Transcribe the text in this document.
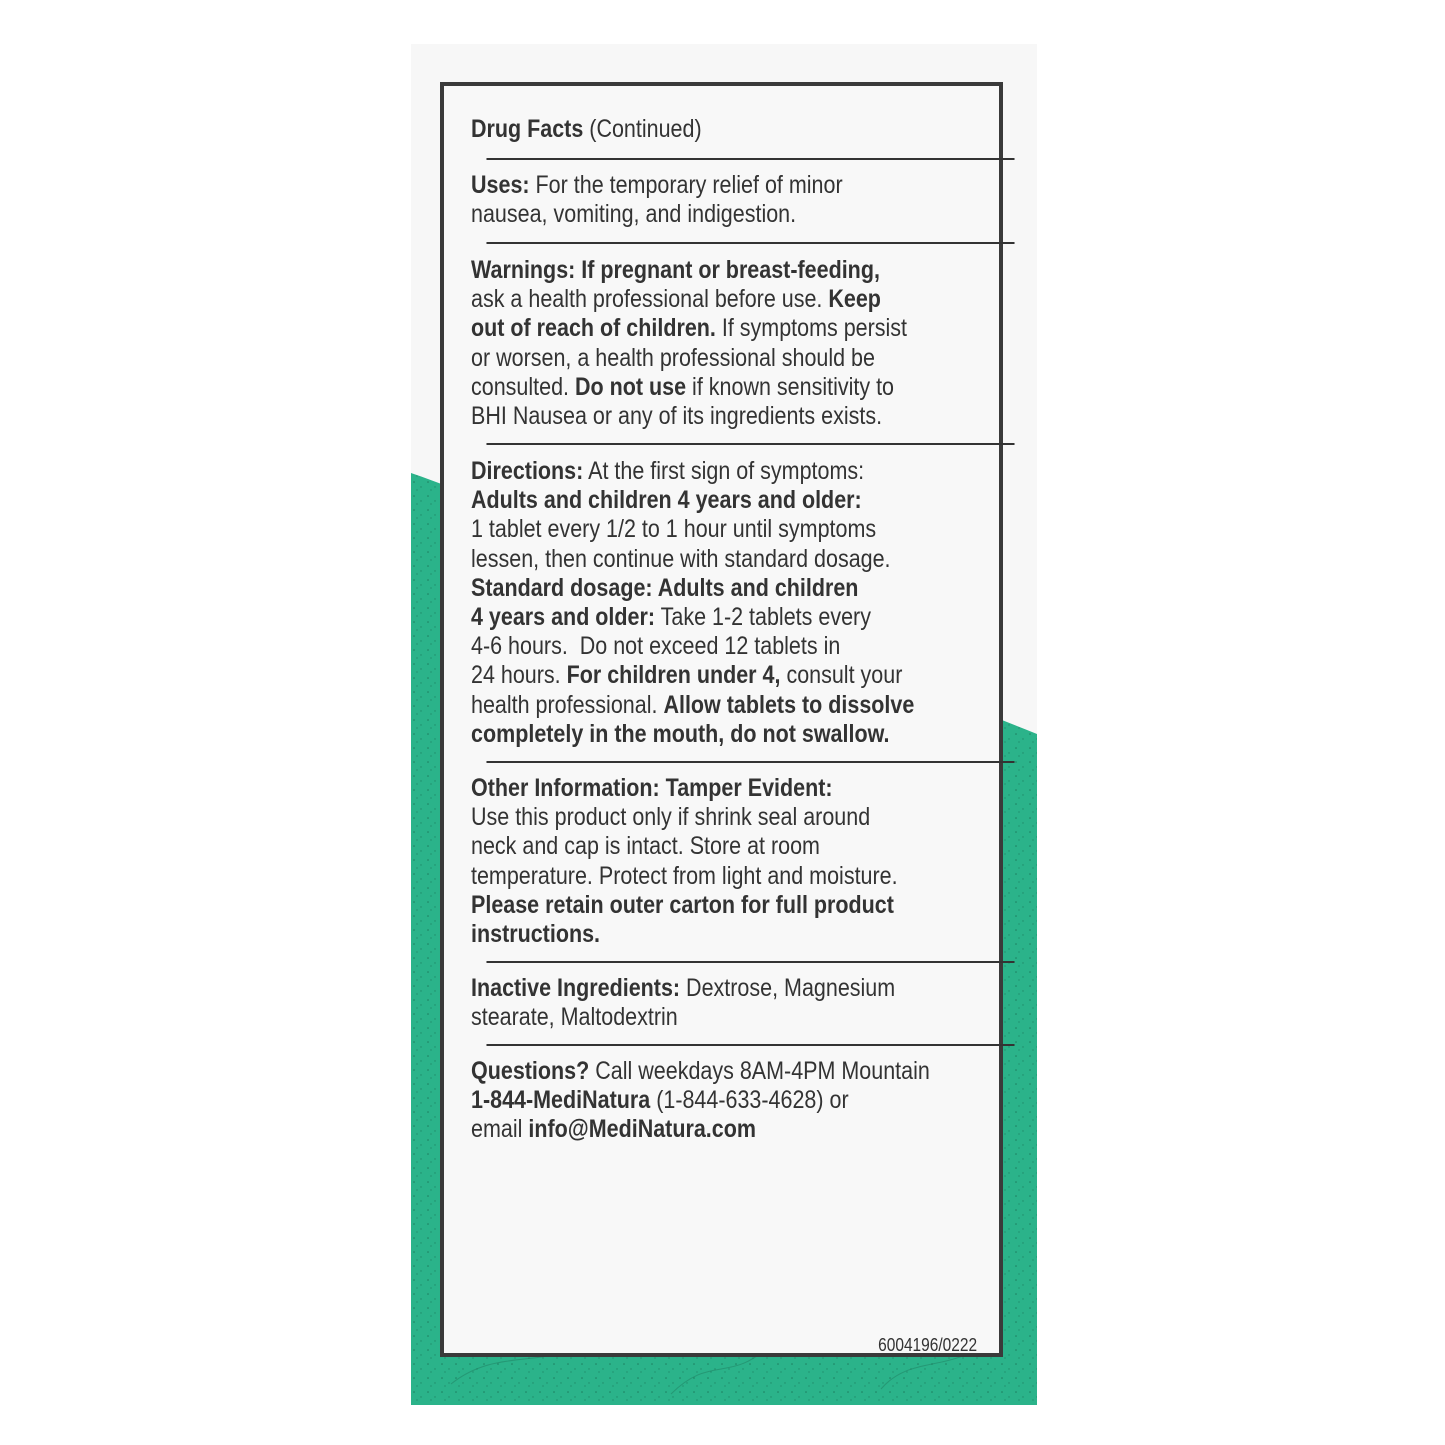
Drug Facts (Continued)
Uses: For the temporary relief of minor
nausea, vomiting, and indigestion.
Warnings: If pregnant or breast-feeding,
ask a health professional before use. Keep
out of reach of children. If symptoms persist
or worsen, a health professional should be
consulted. Do not use if known sensitivity to
BHI Nausea or any of its ingredients exists.
Directions: At the first sign of symptoms:
Adults and children 4 years and older:
1 tablet every 1/2 to 1 hour until symptoms
lessen, then continue with standard dosage.
Standard dosage: Adults and children
4 years and older: Take 1-2 tablets every
4-6 hours.  Do not exceed 12 tablets in
24 hours. For children under 4, consult your
health professional. Allow tablets to dissolve
completely in the mouth, do not swallow.
Other Information: Tamper Evident:
Use this product only if shrink seal around
neck and cap is intact. Store at room
temperature. Protect from light and moisture.
Please retain outer carton for full product
instructions.
Inactive Ingredients: Dextrose, Magnesium
stearate, Maltodextrin
Questions? Call weekdays 8AM-4PM Mountain
1-844-MediNatura (1-844-633-4628) or
email info@MediNatura.com
6004196/0222
